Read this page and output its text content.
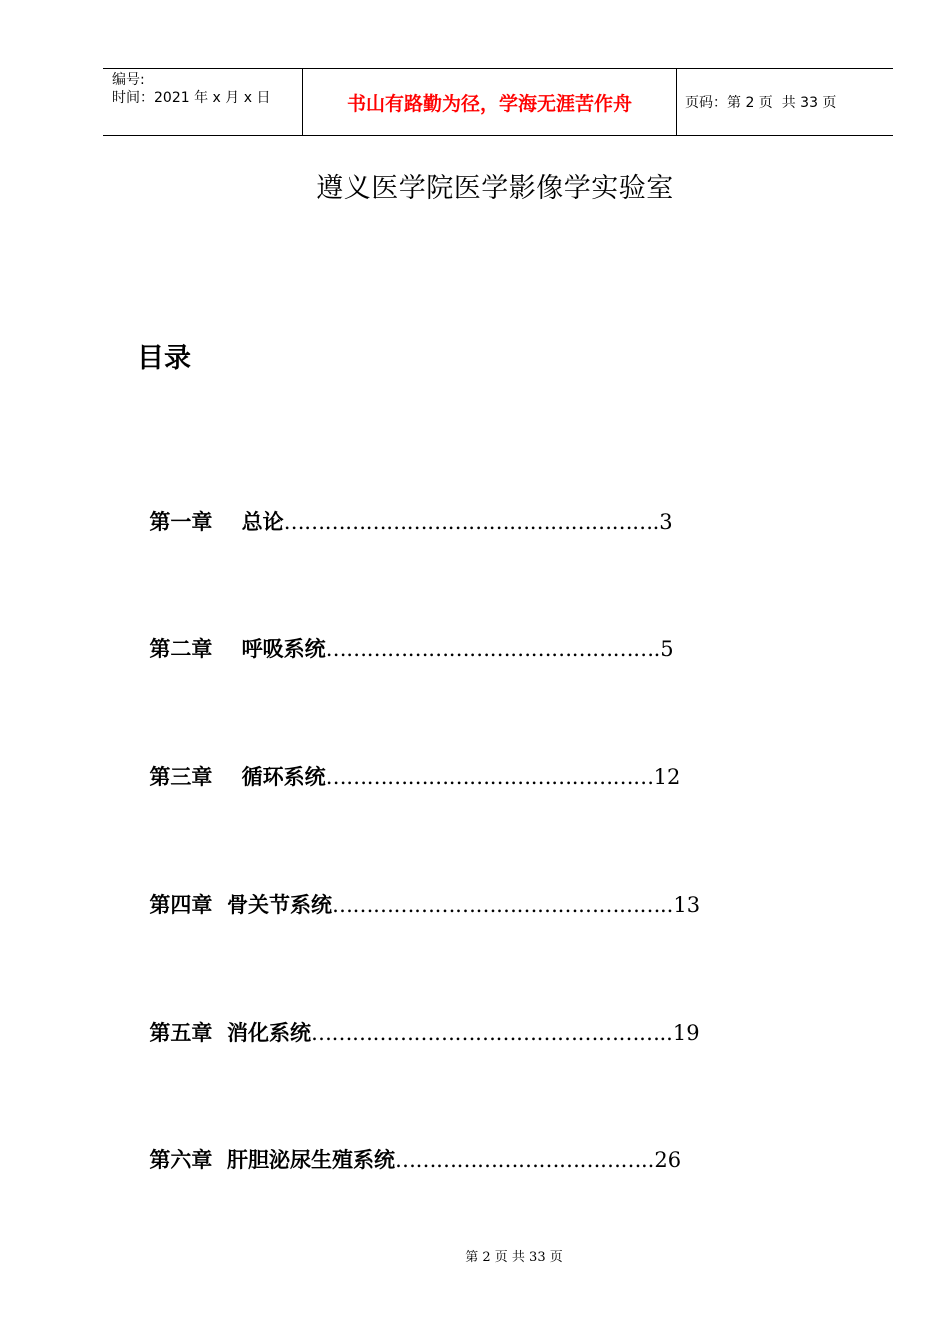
编号:
时间：2021 年 x 月 x 日	书山有路勤为径，学海无涯苦作舟	页码：第 2 页  共 33 页
遵义医学院医学影像学实验室
目录

第一章    总论……………………………………………….3

第二章    呼吸系统………………………………………….5

第三章    循环系统…………………………………………12

第四章  骨关节系统…………………………………………..13

第五章  消化系统……………………………………………..19

第六章  肝胆泌尿生殖系统………………………………..26

第 2 页 共 33 页
